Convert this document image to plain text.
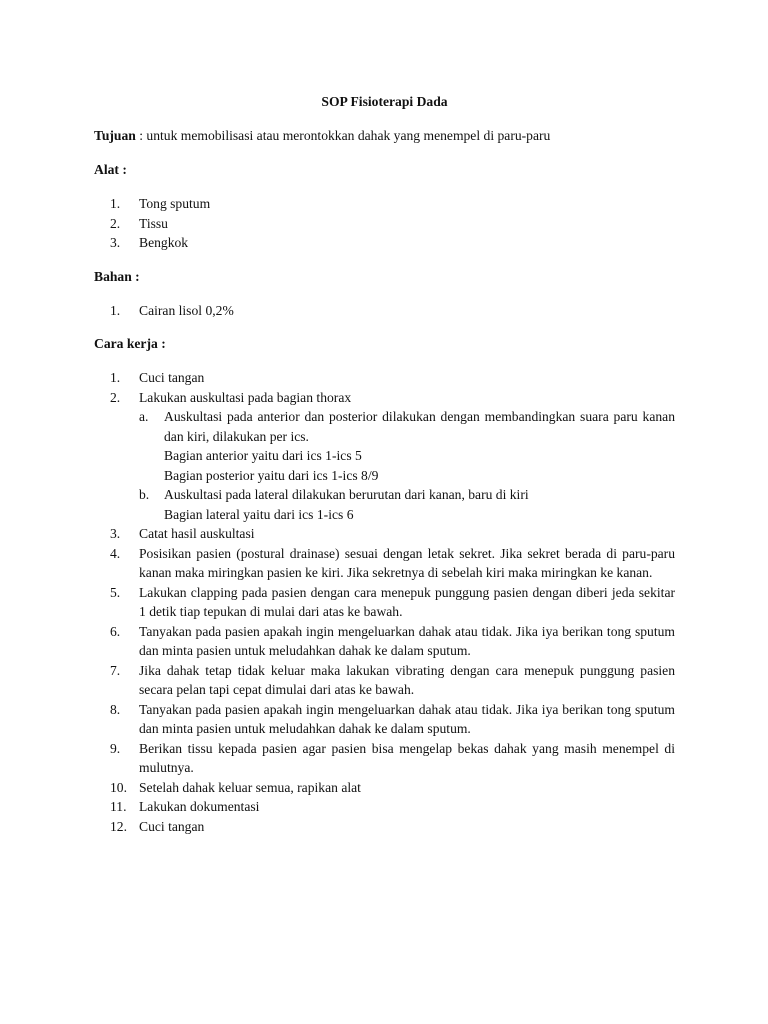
SOP Fisioterapi Dada

Tujuan : untuk memobilisasi atau merontokkan dahak yang menempel di paru-paru

Alat :

1.	Tong sputum
2.	Tissu
3.	Bengkok

Bahan :

1.	Cairan lisol 0,2%

Cara kerja :

1.	Cuci tangan
2.	Lakukan auskultasi pada bagian thorax
a.	Auskultasi pada anterior dan posterior dilakukan dengan membandingkan suara paru kanan dan kiri, dilakukan per ics.
Bagian anterior yaitu dari ics 1-ics 5
Bagian posterior yaitu dari ics 1-ics 8/9
b.	Auskultasi pada lateral dilakukan berurutan dari kanan, baru di kiri
Bagian lateral yaitu dari ics 1-ics 6
3.	Catat hasil auskultasi
4.	Posisikan pasien (postural drainase) sesuai dengan letak sekret. Jika sekret berada di paru-paru kanan maka miringkan pasien ke kiri. Jika sekretnya di sebelah kiri maka miringkan ke kanan.
5.	Lakukan clapping pada pasien dengan cara menepuk punggung pasien dengan diberi jeda sekitar 1 detik tiap tepukan di mulai dari atas ke bawah.
6.	Tanyakan pada pasien apakah ingin mengeluarkan dahak atau tidak. Jika iya berikan tong sputum dan minta pasien untuk meludahkan dahak ke dalam sputum.
7.	Jika dahak tetap tidak keluar maka lakukan vibrating dengan cara menepuk punggung pasien secara pelan tapi cepat dimulai dari atas ke bawah.
8.	Tanyakan pada pasien apakah ingin mengeluarkan dahak atau tidak. Jika iya berikan tong sputum dan minta pasien untuk meludahkan dahak ke dalam sputum.
9.	Berikan tissu kepada pasien agar pasien bisa mengelap bekas dahak yang masih menempel di mulutnya.
10. Setelah dahak keluar semua, rapikan alat
11. Lakukan dokumentasi
12. Cuci tangan
